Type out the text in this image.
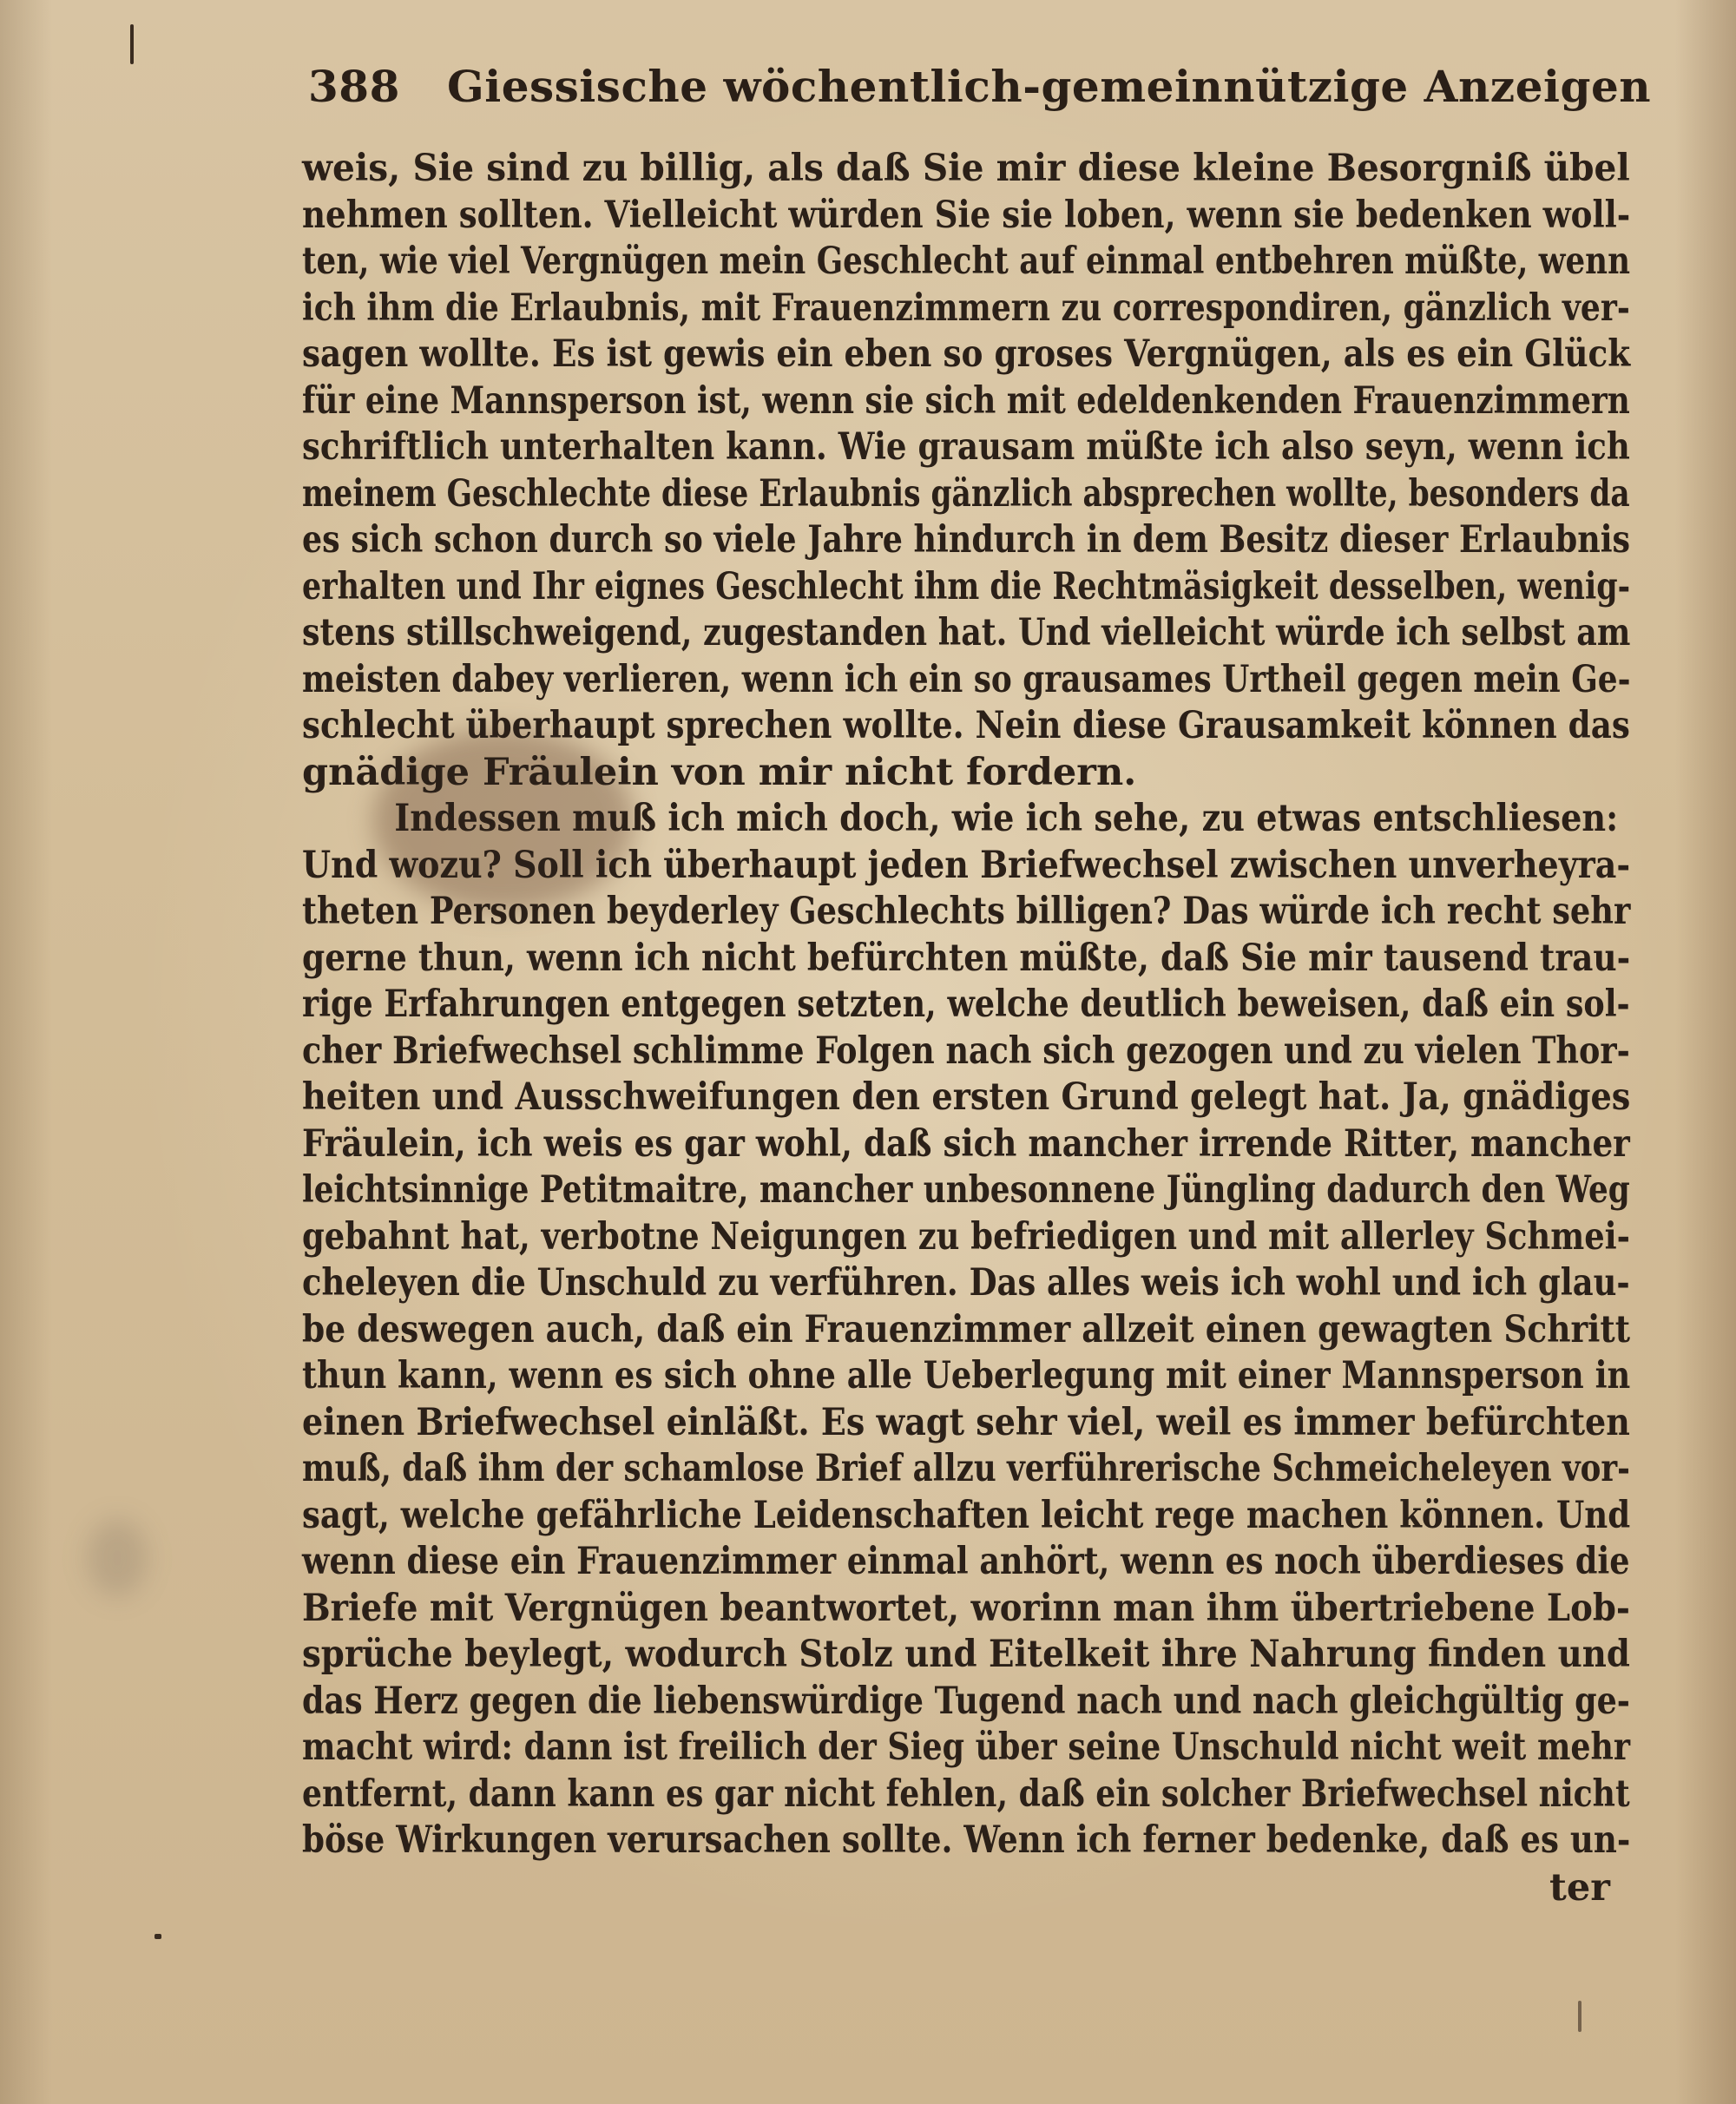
388 Giessische wöchentlich-gemeinnützige Anzeigen
weis, Sie sind zu billig, als daß Sie mir diese kleine Besorgniß übel
nehmen sollten. Vielleicht würden Sie sie loben, wenn sie bedenken woll-
ten, wie viel Vergnügen mein Geschlecht auf einmal entbehren müßte, wenn
ich ihm die Erlaubnis, mit Frauenzimmern zu correspondiren, gänzlich ver-
sagen wollte. Es ist gewis ein eben so groses Vergnügen, als es ein Glück
für eine Mannsperson ist, wenn sie sich mit edeldenkenden Frauenzimmern
schriftlich unterhalten kann. Wie grausam müßte ich also seyn, wenn ich
meinem Geschlechte diese Erlaubnis gänzlich absprechen wollte, besonders da
es sich schon durch so viele Jahre hindurch in dem Besitz dieser Erlaubnis
erhalten und Ihr eignes Geschlecht ihm die Rechtmäsigkeit desselben, wenig-
stens stillschweigend, zugestanden hat. Und vielleicht würde ich selbst am
meisten dabey verlieren, wenn ich ein so grausames Urtheil gegen mein Ge-
schlecht überhaupt sprechen wollte. Nein diese Grausamkeit können das
gnädige Fräulein von mir nicht fordern.
Indessen muß ich mich doch, wie ich sehe, zu etwas entschliesen:
Und wozu? Soll ich überhaupt jeden Briefwechsel zwischen unverheyra-
theten Personen beyderley Geschlechts billigen? Das würde ich recht sehr
gerne thun, wenn ich nicht befürchten müßte, daß Sie mir tausend trau-
rige Erfahrungen entgegen setzten, welche deutlich beweisen, daß ein sol-
cher Briefwechsel schlimme Folgen nach sich gezogen und zu vielen Thor-
heiten und Ausschweifungen den ersten Grund gelegt hat. Ja, gnädiges
Fräulein, ich weis es gar wohl, daß sich mancher irrende Ritter, mancher
leichtsinnige Petitmaitre, mancher unbesonnene Jüngling dadurch den Weg
gebahnt hat, verbotne Neigungen zu befriedigen und mit allerley Schmei-
cheleyen die Unschuld zu verführen. Das alles weis ich wohl und ich glau-
be deswegen auch, daß ein Frauenzimmer allzeit einen gewagten Schritt
thun kann, wenn es sich ohne alle Ueberlegung mit einer Mannsperson in
einen Briefwechsel einläßt. Es wagt sehr viel, weil es immer befürchten
muß, daß ihm der schamlose Brief allzu verführerische Schmeicheleyen vor-
sagt, welche gefährliche Leidenschaften leicht rege machen können. Und
wenn diese ein Frauenzimmer einmal anhört, wenn es noch überdieses die
Briefe mit Vergnügen beantwortet, worinn man ihm übertriebene Lob-
sprüche beylegt, wodurch Stolz und Eitelkeit ihre Nahrung finden und
das Herz gegen die liebenswürdige Tugend nach und nach gleichgültig ge-
macht wird: dann ist freilich der Sieg über seine Unschuld nicht weit mehr
entfernt, dann kann es gar nicht fehlen, daß ein solcher Briefwechsel nicht
böse Wirkungen verursachen sollte. Wenn ich ferner bedenke, daß es un-
ter
